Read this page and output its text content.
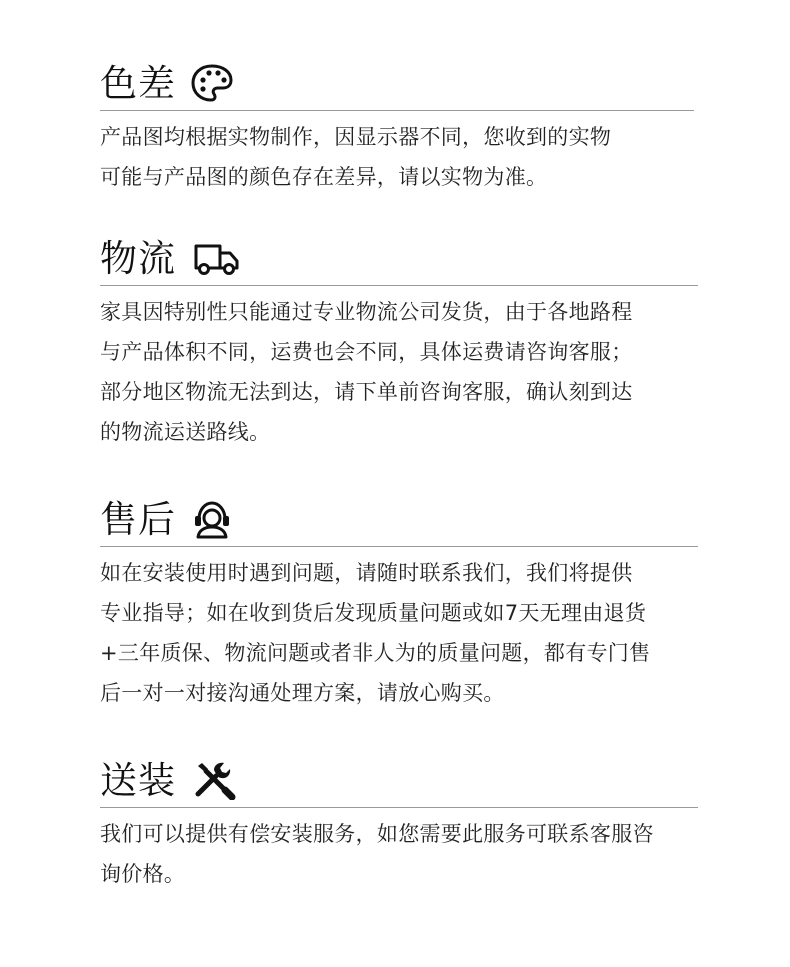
色差
产品图均根据实物制作，因显示器不同，您收到的实物
可能与产品图的颜色存在差异，请以实物为准。
物流
家具因特别性只能通过专业物流公司发货，由于各地路程
与产品体积不同，运费也会不同，具体运费请咨询客服；
部分地区物流无法到达，请下单前咨询客服，确认刻到达
的物流运送路线。
售后
如在安装使用时遇到问题，请随时联系我们，我们将提供
专业指导；如在收到货后发现质量问题或如7天无理由退货
+三年质保、物流问题或者非人为的质量问题，都有专门售
后一对一对接沟通处理方案，请放心购买。
送装
我们可以提供有偿安装服务，如您需要此服务可联系客服咨
询价格。
